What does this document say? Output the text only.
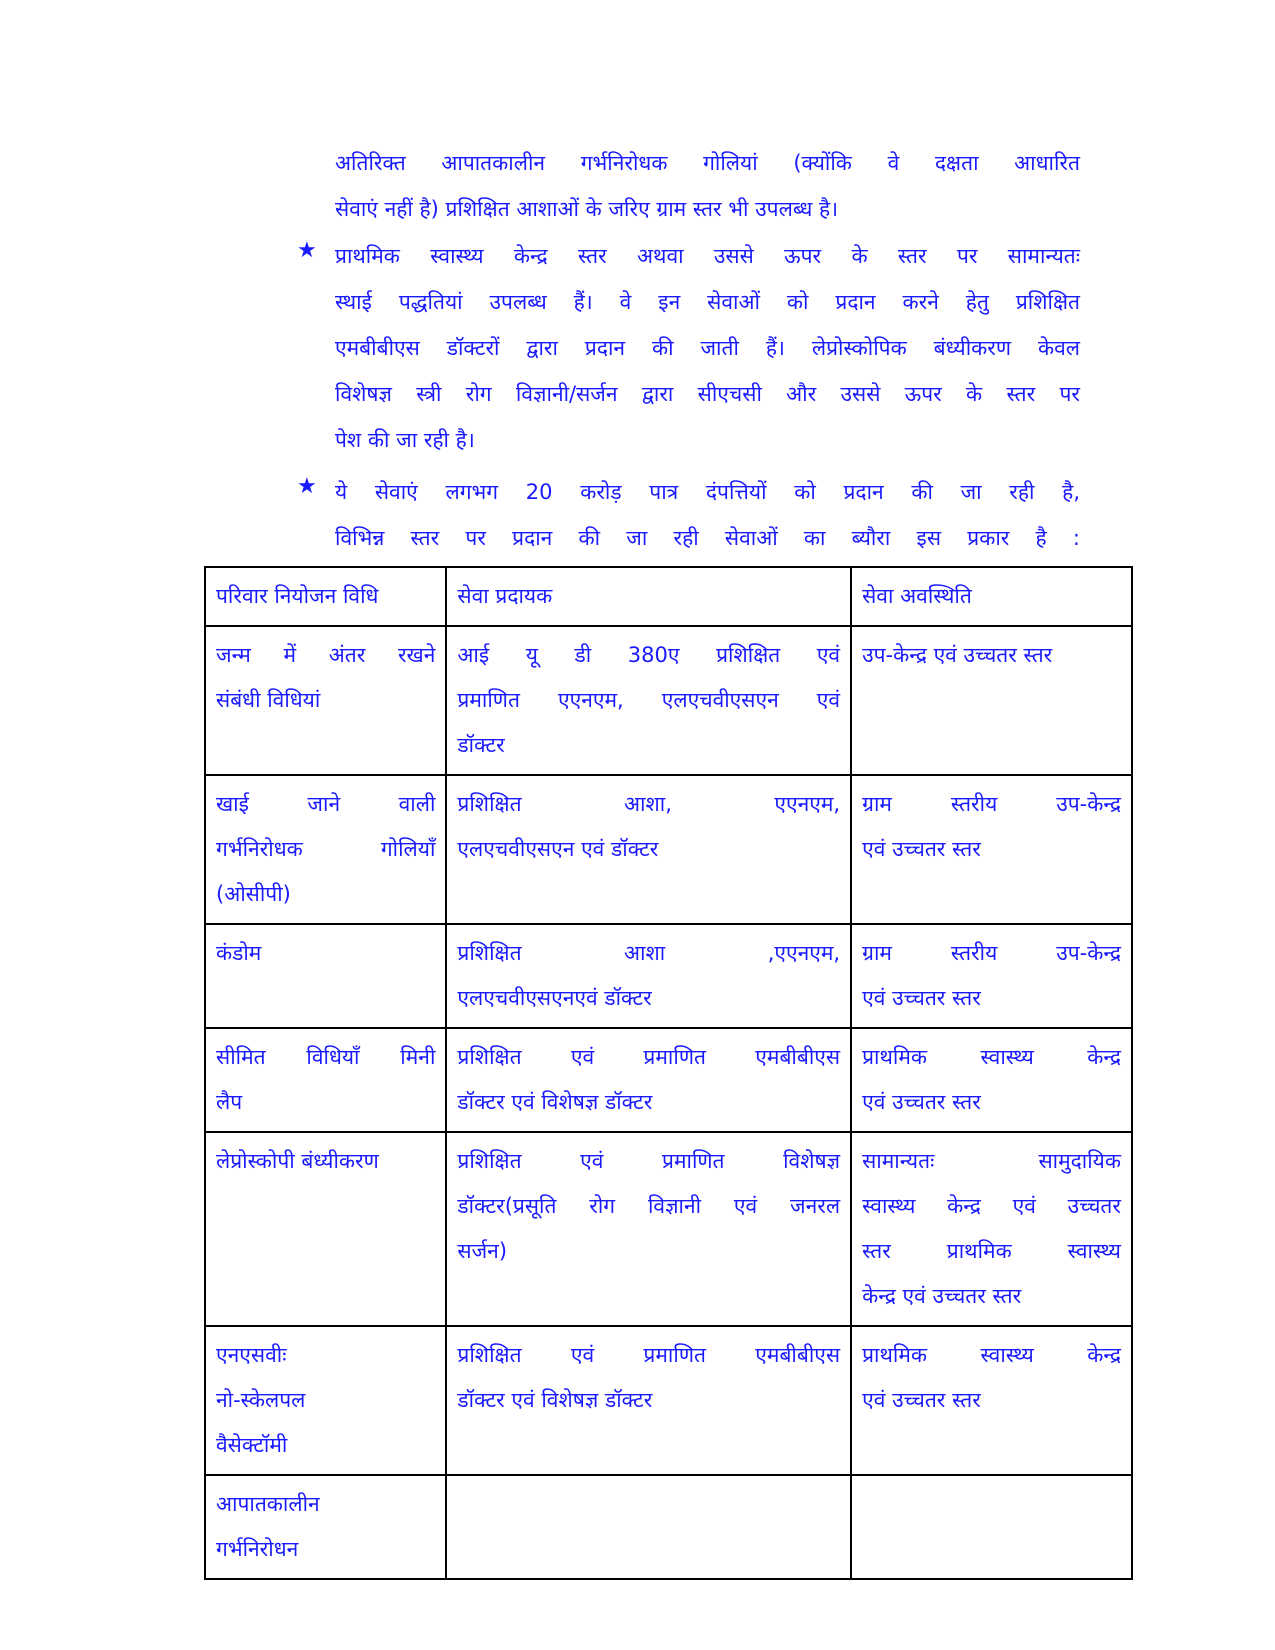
अतिरिक्त आपातकालीन गर्भनिरोधक गोलियां (क्योंकि वे दक्षता आधारित
सेवाएं नहीं है) प्रशिक्षित आशाओं के जरिए ग्राम स्तर भी उपलब्ध है।
★ प्राथमिक स्वास्थ्य केन्द्र स्तर अथवा उससे ऊपर के स्तर पर सामान्यतः
स्थाई पद्धतियां उपलब्ध हैं। वे इन सेवाओं को प्रदान करने हेतु प्रशिक्षित
एमबीबीएस डॉक्टरों द्वारा प्रदान की जाती हैं। लेप्रोस्कोपिक बंध्यीकरण केवल
विशेषज्ञ स्त्री रोग विज्ञानी/सर्जन द्वारा सीएचसी और उससे ऊपर के स्तर पर
पेश की जा रही है।
★ ये सेवाएं लगभग 20 करोड़ पात्र दंपत्तियों को प्रदान की जा रही है,
विभिन्न स्तर पर प्रदान की जा रही सेवाओं का ब्यौरा इस प्रकार है :
परिवार नियोजन विधि	सेवा प्रदायक	सेवा अवस्थिति

जन्म में अंतर रखने
संबंधी विधियां	आई यू डी 380ए प्रशिक्षित एवं
प्रमाणित एएनएम, एलएचवीएसएन एवं
डॉक्टर	उप-केन्द्र एवं उच्चतर स्तर

खाई जाने वाली
गर्भनिरोधक गोलियाँ
(ओसीपी)	प्रशिक्षित आशा, एएनएम,
एलएचवीएसएन एवं डॉक्टर	ग्राम स्तरीय उप-केन्द्र
एवं उच्चतर स्तर

कंडोम	प्रशिक्षित आशा ,एएनएम,
एलएचवीएसएनएवं डॉक्टर	ग्राम स्तरीय उप-केन्द्र
एवं उच्चतर स्तर

सीमित विधियाँ मिनी
लैप	प्रशिक्षित एवं प्रमाणित एमबीबीएस
डॉक्टर एवं विशेषज्ञ डॉक्टर	प्राथमिक स्वास्थ्य केन्द्र
एवं उच्चतर स्तर

लेप्रोस्कोपी बंध्यीकरण	प्रशिक्षित एवं प्रमाणित विशेषज्ञ
डॉक्टर(प्रसूति रोग विज्ञानी एवं जनरल
सर्जन)	सामान्यतः सामुदायिक
स्वास्थ्य केन्द्र एवं उच्चतर
स्तर प्राथमिक स्वास्थ्य
केन्द्र एवं उच्चतर स्तर

एनएसवीः
नो-स्केलपल
वैसेक्टॉमी	प्रशिक्षित एवं प्रमाणित एमबीबीएस
डॉक्टर एवं विशेषज्ञ डॉक्टर	प्राथमिक स्वास्थ्य केन्द्र
एवं उच्चतर स्तर

आपातकालीन
गर्भनिरोधन		
